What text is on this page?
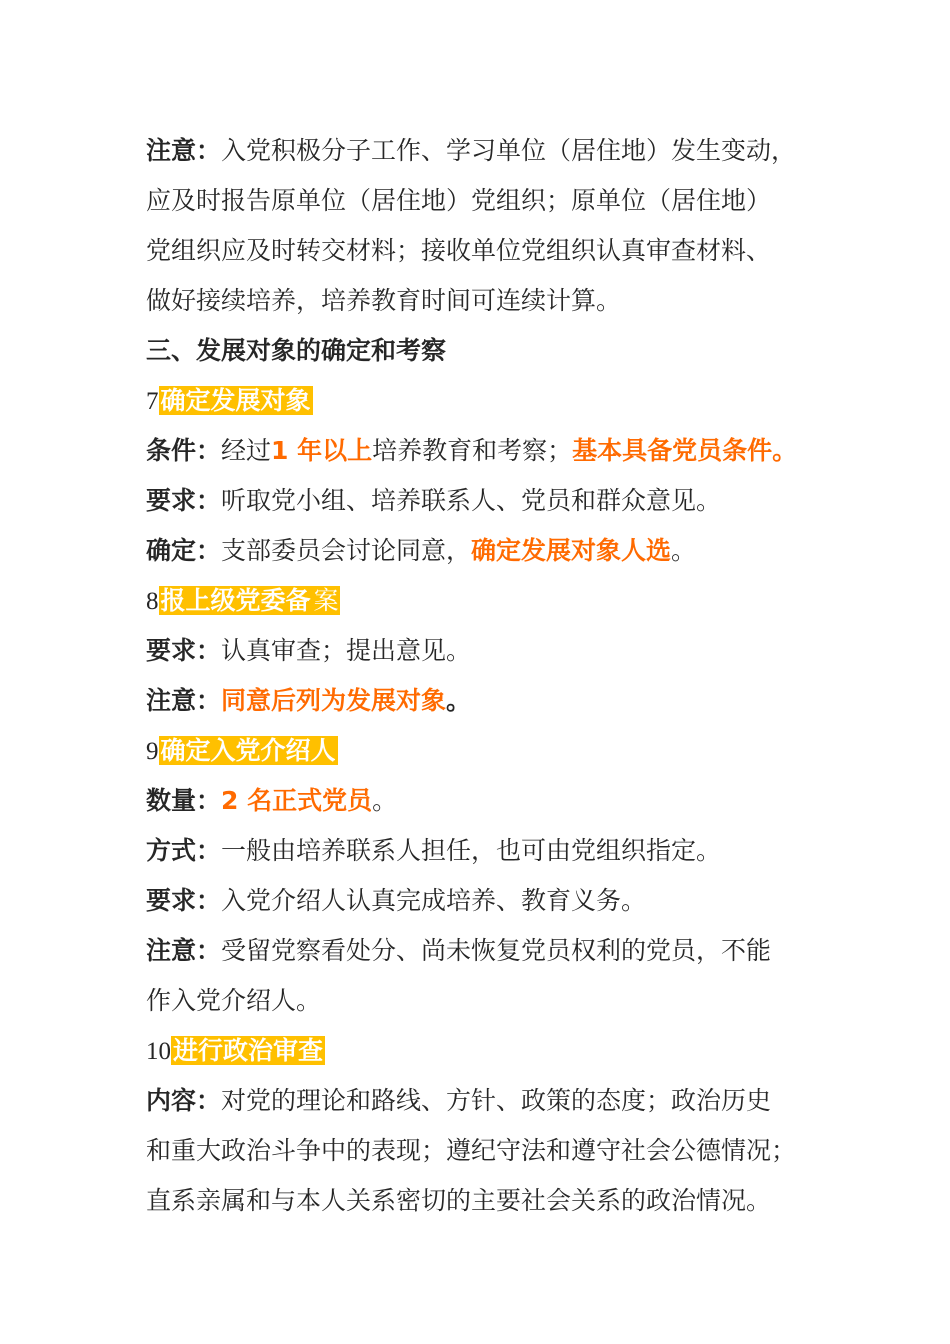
注意：入党积极分子工作、学习单位（居住地）发生变动，
应及时报告原单位（居住地）党组织；原单位（居住地）
党组织应及时转交材料；接收单位党组织认真审查材料、
做好接续培养，培养教育时间可连续计算。
三、发展对象的确定和考察
7确定发展对象
条件：经过1 年以上培养教育和考察；基本具备党员条件。
要求：听取党小组、培养联系人、党员和群众意见。
确定：支部委员会讨论同意，确定发展对象人选。
8报上级党委备 案
要求：认真审查；提出意见。
注意：同意后列为发展对象。
9确定入党介绍人
数量：2 名正式党员。
方式：一般由培养联系人担任，也可由党组织指定。
要求：入党介绍人认真完成培养、教育义务。
注意：受留党察看处分、尚未恢复党员权利的党员，不能
作入党介绍人。
10进行政治审查
内容：对党的理论和路线、方针、政策的态度；政治历史
和重大政治斗争中的表现；遵纪守法和遵守社会公德情况；
直系亲属和与本人关系密切的主要社会关系的政治情况。
